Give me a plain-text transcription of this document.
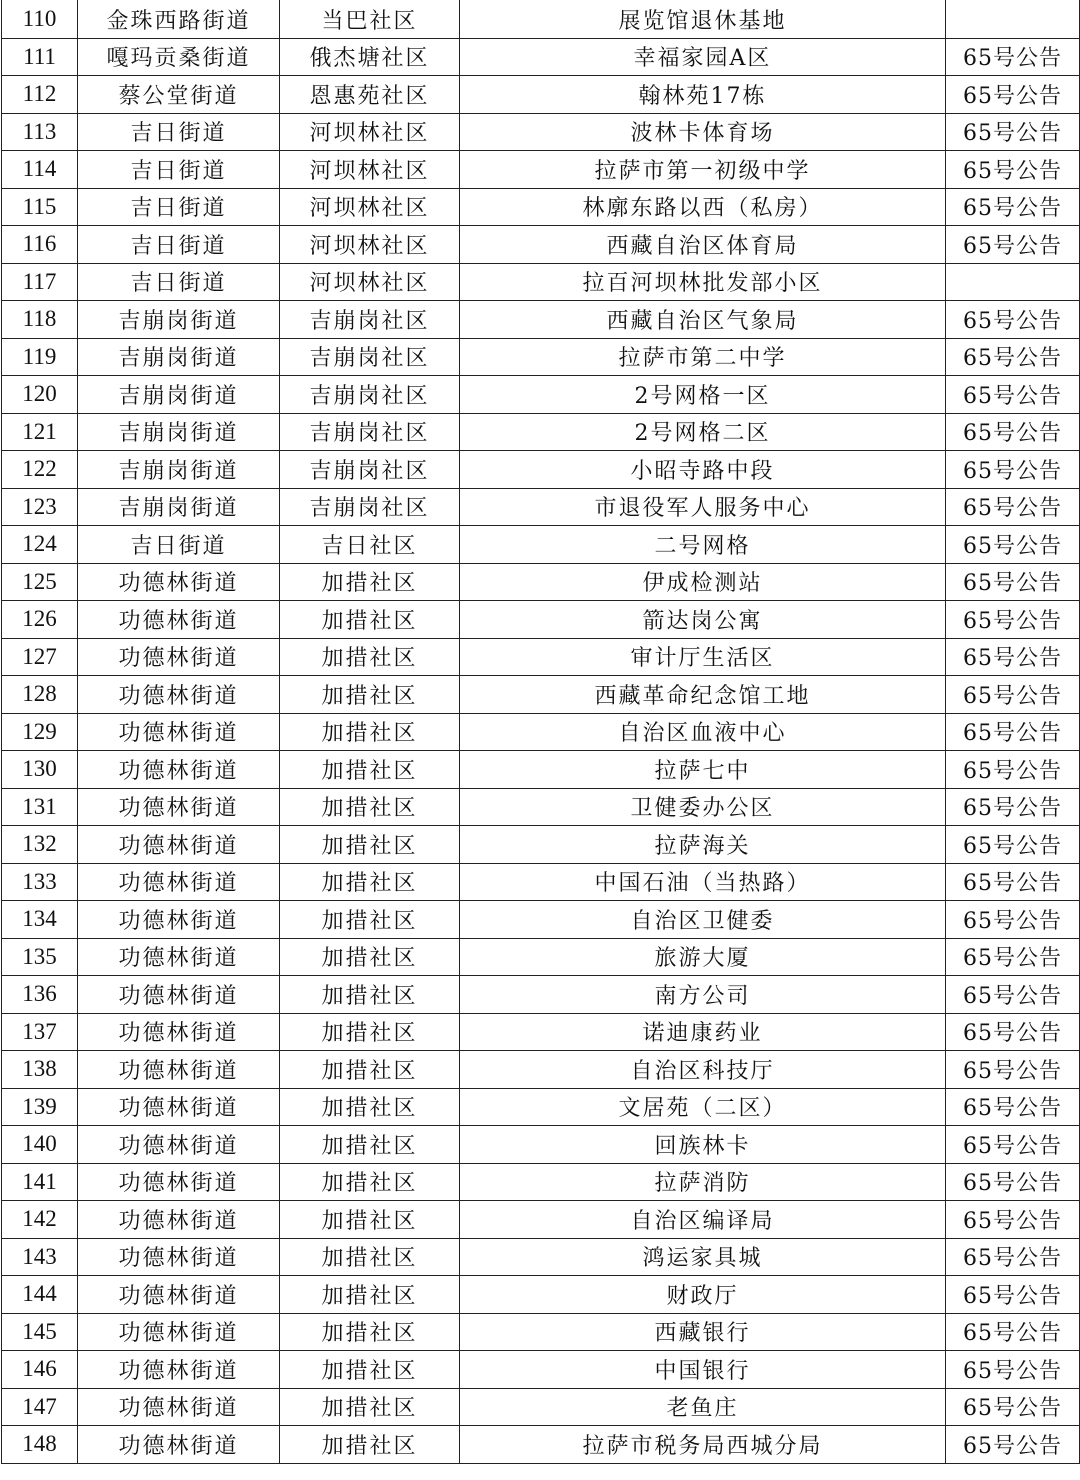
110	金珠西路街道	当巴社区	展览馆退休基地	
111	嘎玛贡桑街道	俄杰塘社区	幸福家园A区	65号公告
112	蔡公堂街道	恩惠苑社区	翰林苑17栋	65号公告
113	吉日街道	河坝林社区	波林卡体育场	65号公告
114	吉日街道	河坝林社区	拉萨市第一初级中学	65号公告
115	吉日街道	河坝林社区	林廓东路以西（私房）	65号公告
116	吉日街道	河坝林社区	西藏自治区体育局	65号公告
117	吉日街道	河坝林社区	拉百河坝林批发部小区	
118	吉崩岗街道	吉崩岗社区	西藏自治区气象局	65号公告
119	吉崩岗街道	吉崩岗社区	拉萨市第二中学	65号公告
120	吉崩岗街道	吉崩岗社区	2号网格一区	65号公告
121	吉崩岗街道	吉崩岗社区	2号网格二区	65号公告
122	吉崩岗街道	吉崩岗社区	小昭寺路中段	65号公告
123	吉崩岗街道	吉崩岗社区	市退役军人服务中心	65号公告
124	吉日街道	吉日社区	二号网格	65号公告
125	功德林街道	加措社区	伊成检测站	65号公告
126	功德林街道	加措社区	箭达岗公寓	65号公告
127	功德林街道	加措社区	审计厅生活区	65号公告
128	功德林街道	加措社区	西藏革命纪念馆工地	65号公告
129	功德林街道	加措社区	自治区血液中心	65号公告
130	功德林街道	加措社区	拉萨七中	65号公告
131	功德林街道	加措社区	卫健委办公区	65号公告
132	功德林街道	加措社区	拉萨海关	65号公告
133	功德林街道	加措社区	中国石油（当热路）	65号公告
134	功德林街道	加措社区	自治区卫健委	65号公告
135	功德林街道	加措社区	旅游大厦	65号公告
136	功德林街道	加措社区	南方公司	65号公告
137	功德林街道	加措社区	诺迪康药业	65号公告
138	功德林街道	加措社区	自治区科技厅	65号公告
139	功德林街道	加措社区	文居苑（二区）	65号公告
140	功德林街道	加措社区	回族林卡	65号公告
141	功德林街道	加措社区	拉萨消防	65号公告
142	功德林街道	加措社区	自治区编译局	65号公告
143	功德林街道	加措社区	鸿运家具城	65号公告
144	功德林街道	加措社区	财政厅	65号公告
145	功德林街道	加措社区	西藏银行	65号公告
146	功德林街道	加措社区	中国银行	65号公告
147	功德林街道	加措社区	老鱼庄	65号公告
148	功德林街道	加措社区	拉萨市税务局西城分局	65号公告
